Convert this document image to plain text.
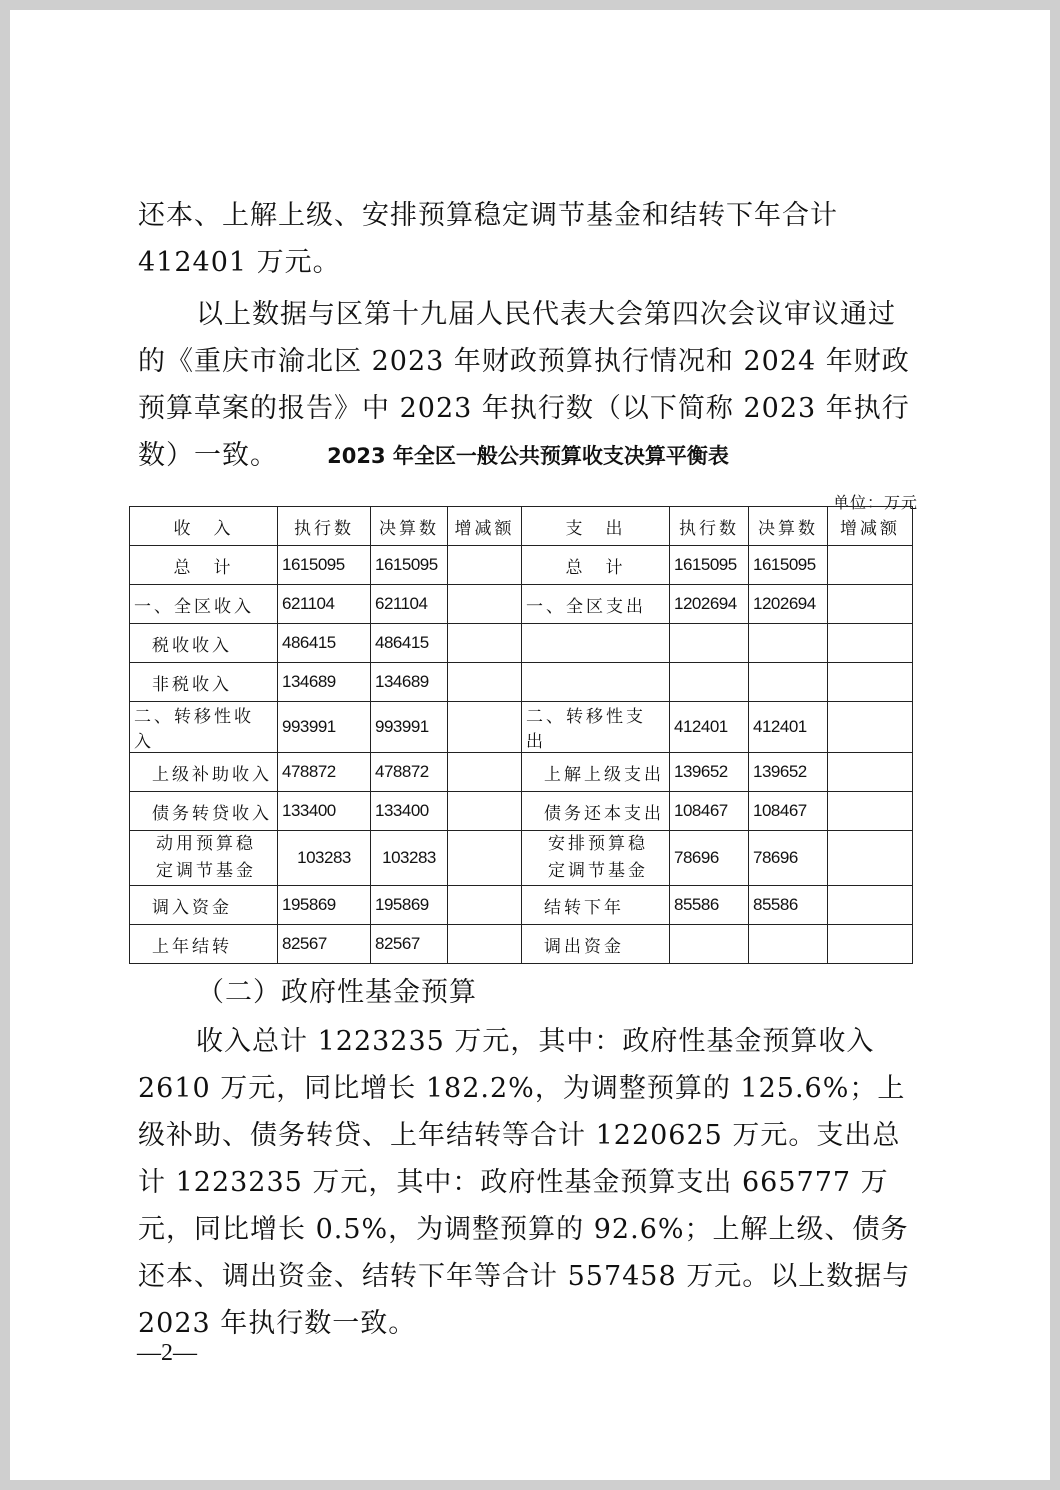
还本、上解上级、安排预算稳定调节基金和结转下年合计 412401 万元。

以上数据与区第十九届人民代表大会第四次会议审议通过的《重庆市渝北区 2023 年财政预算执行情况和 2024 年财政预算草案的报告》中 2023 年执行数（以下简称 2023 年执行数）一致。	2023 年全区一般公共预算收支决算平衡表
单位：万元
收　入	执行数	决算数	增减额	支　出	执行数	决算数	增减额
总　计	1615095	1615095		总　计	1615095	1615095	
一、全区收入	621104	621104		一、全区支出	1202694	1202694	
税收收入	486415	486415					
非税收入	134689	134689					
二、转移性收入	993991	993991		二、转移性支出	412401	412401	
上级补助收入	478872	478872		上解上级支出	139652	139652	
债务转贷收入	133400	133400		债务还本支出	108467	108467	

动用预算稳定调节基金	103283	103283		安排预算稳定调节基金	78696	78696	
调入资金	195869	195869		结转下年	85586	85586	
上年结转	82567	82567		调出资金			
（二）政府性基金预算

收入总计 1223235 万元，其中：政府性基金预算收入 2610 万元，同比增长 182.2%，为调整预算的 125.6%；上级补助、债务转贷、上年结转等合计 1220625 万元。支出总计 1223235 万元，其中：政府性基金预算支出 665777 万元，同比增长 0.5%，为调整预算的 92.6%；上解上级、债务还本、调出资金、结转下年等合计 557458 万元。以上数据与 2023 年执行数一致。

—2—
